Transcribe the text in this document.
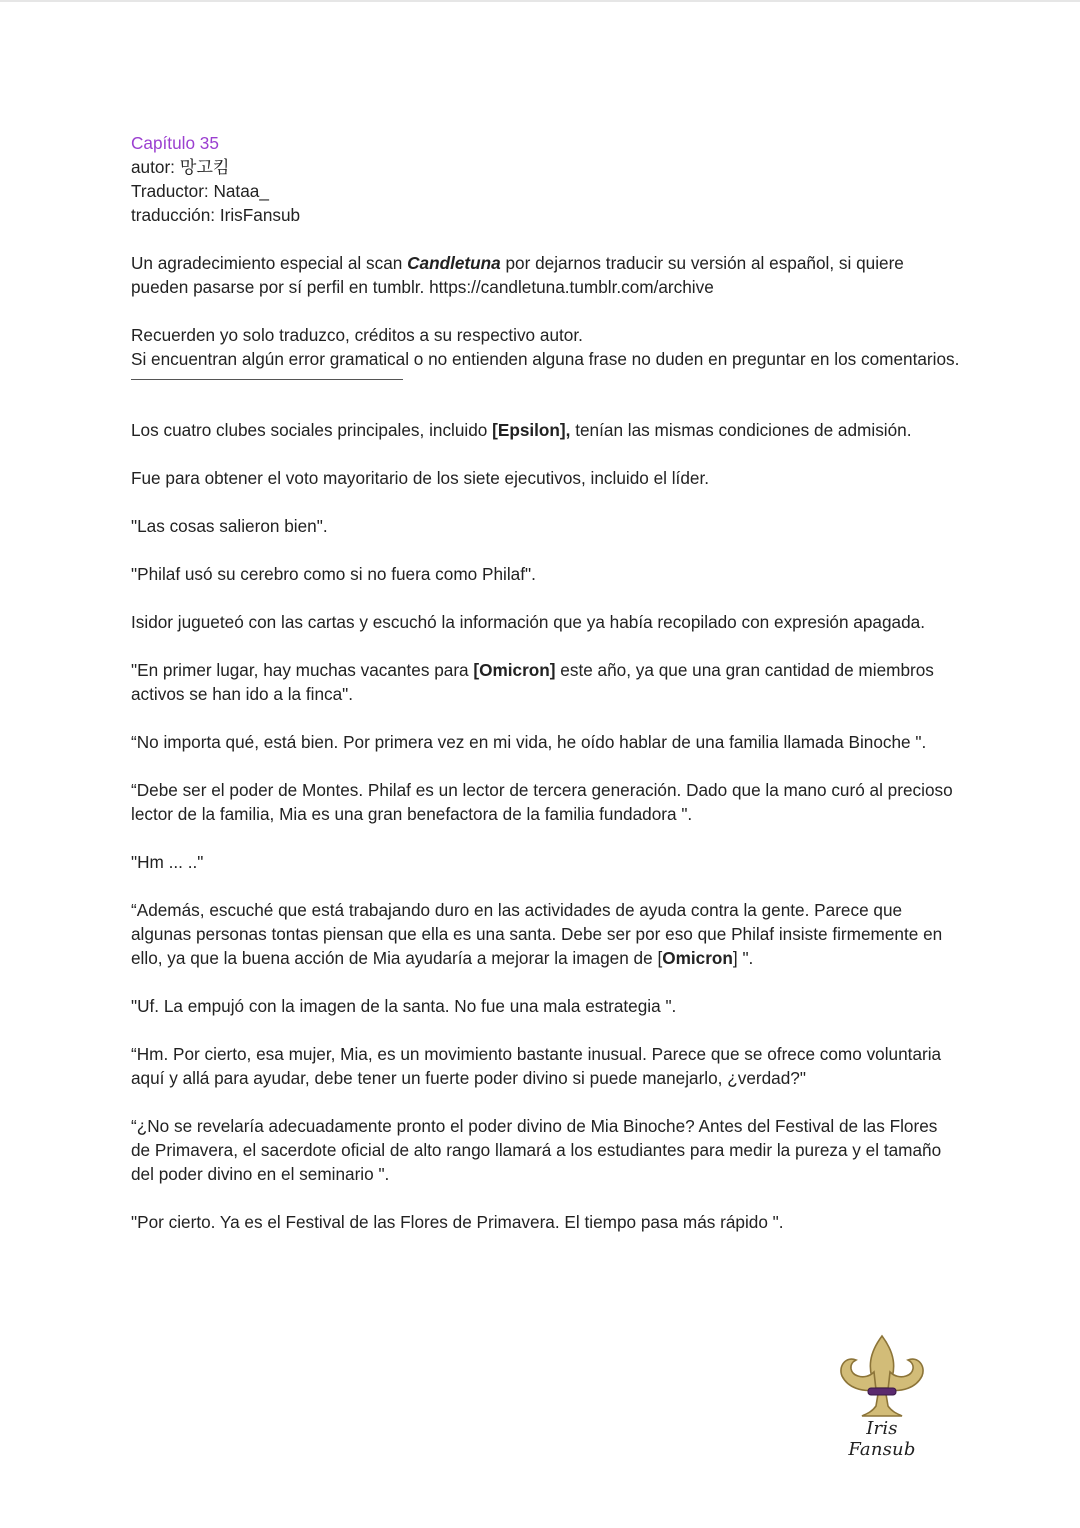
Capítulo 35
autor: 망고킴
Traductor: Nataa_
traducción: IrisFansub

Un agradecimiento especial al scan Candletuna por dejarnos traducir su versión al español, si quiere pueden pasarse por sí perfil en tumblr. https://candletuna.tumblr.com/archive

Recuerden yo solo traduzco, créditos a su respectivo autor.
Si encuentran algún error gramatical o no entienden alguna frase no duden en preguntar en los comentarios.

Los cuatro clubes sociales principales, incluido [Epsilon], tenían las mismas condiciones de admisión.

Fue para obtener el voto mayoritario de los siete ejecutivos, incluido el líder.

"Las cosas salieron bien".

"Philaf usó su cerebro como si no fuera como Philaf".

Isidor jugueteó con las cartas y escuchó la información que ya había recopilado con expresión apagada.

"En primer lugar, hay muchas vacantes para [Omicron] este año, ya que una gran cantidad de miembros activos se han ido a la finca".

“No importa qué, está bien. Por primera vez en mi vida, he oído hablar de una familia llamada Binoche ".

“Debe ser el poder de Montes. Philaf es un lector de tercera generación. Dado que la mano curó al precioso lector de la familia, Mia es una gran benefactora de la familia fundadora ".

"Hm ... .."

“Además, escuché que está trabajando duro en las actividades de ayuda contra la gente. Parece que algunas personas tontas piensan que ella es una santa. Debe ser por eso que Philaf insiste firmemente en ello, ya que la buena acción de Mia ayudaría a mejorar la imagen de [Omicron] ".

"Uf. La empujó con la imagen de la santa. No fue una mala estrategia ".

“Hm. Por cierto, esa mujer, Mia, es un movimiento bastante inusual. Parece que se ofrece como voluntaria aquí y allá para ayudar, debe tener un fuerte poder divino si puede manejarlo, ¿verdad?"

“¿No se revelaría adecuadamente pronto el poder divino de Mia Binoche? Antes del Festival de las Flores de Primavera, el sacerdote oficial de alto rango llamará a los estudiantes para medir la pureza y el tamaño del poder divino en el seminario ".

"Por cierto. Ya es el Festival de las Flores de Primavera. El tiempo pasa más rápido ".

Iris Fansub
